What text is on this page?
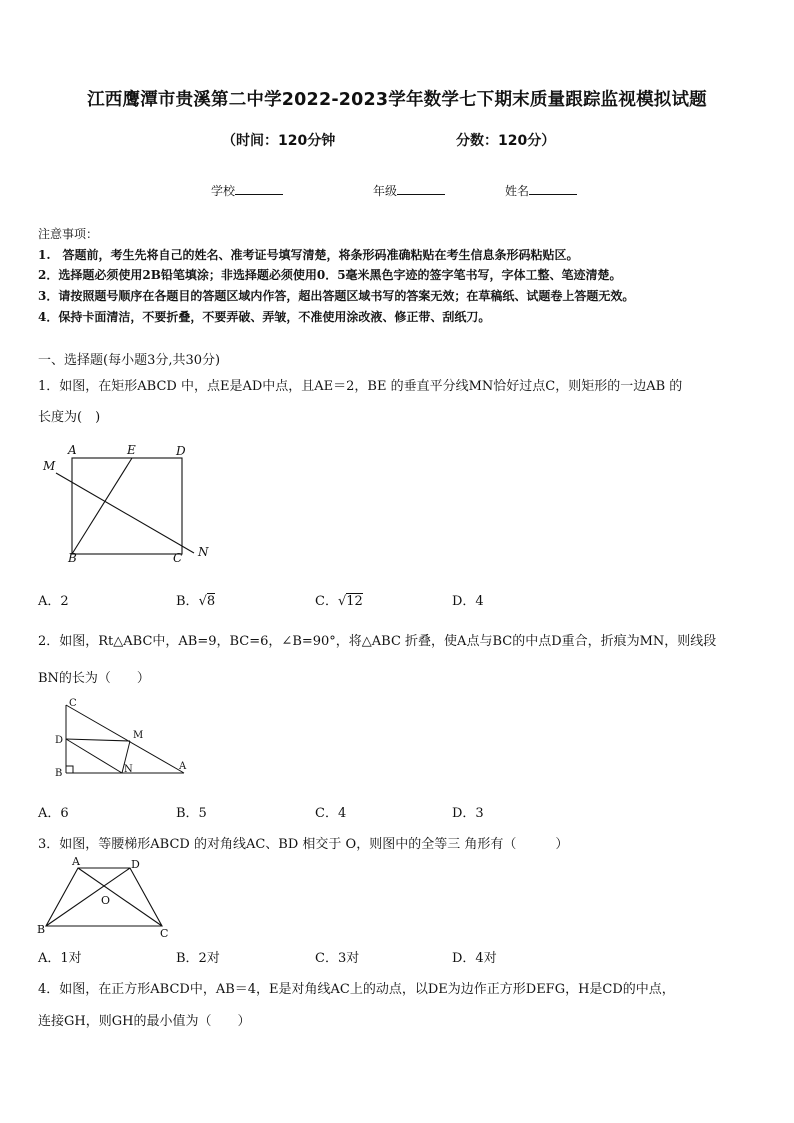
江西鹰潭市贵溪第二中学2022-2023学年数学七下期末质量跟踪监视模拟试题
（时间：120分钟	分数：120分）
学校	年级	姓名
注意事项：
1.　答题前，考生先将自己的姓名、准考证号填写清楚，将条形码准确粘贴在考生信息条形码粘贴区。
2．选择题必须使用2B铅笔填涂；非选择题必须使用0．5毫米黑色字迹的签字笔书写，字体工整、笔迹清楚。
3．请按照题号顺序在各题目的答题区域内作答，超出答题区域书写的答案无效；在草稿纸、试题卷上答题无效。
4．保持卡面清洁，不要折叠，不要弄破、弄皱，不准使用涂改液、修正带、刮纸刀。
一、选择题(每小题3分,共30分)
1．如图，在矩形ABCD 中，点E是AD中点，且AE＝2，BE 的垂直平分线MN恰好过点C，则矩形的一边AB 的
长度为(　)
A	E	D
M
B	C N
A．2	B．√8	C．√12	D．4
2．如图，Rt△ABC中，AB=9，BC=6，∠B=90°，将△ABC 折叠，使A点与BC的中点D重合，折痕为MN，则线段
BN的长为（　　）
C
D	M
B	N	A
A．6	B．5	C．4	D．3
3．如图，等腰梯形ABCD 的对角线AC、BD 相交于 O，则图中的全等三 角形有（　　　）
A	D
O
B	C
A．1对	B．2对	C．3对	D．4对
4．如图，在正方形ABCD中，AB＝4，E是对角线AC上的动点，以DE为边作正方形DEFG，H是CD的中点，
连接GH，则GH的最小值为（　　）
